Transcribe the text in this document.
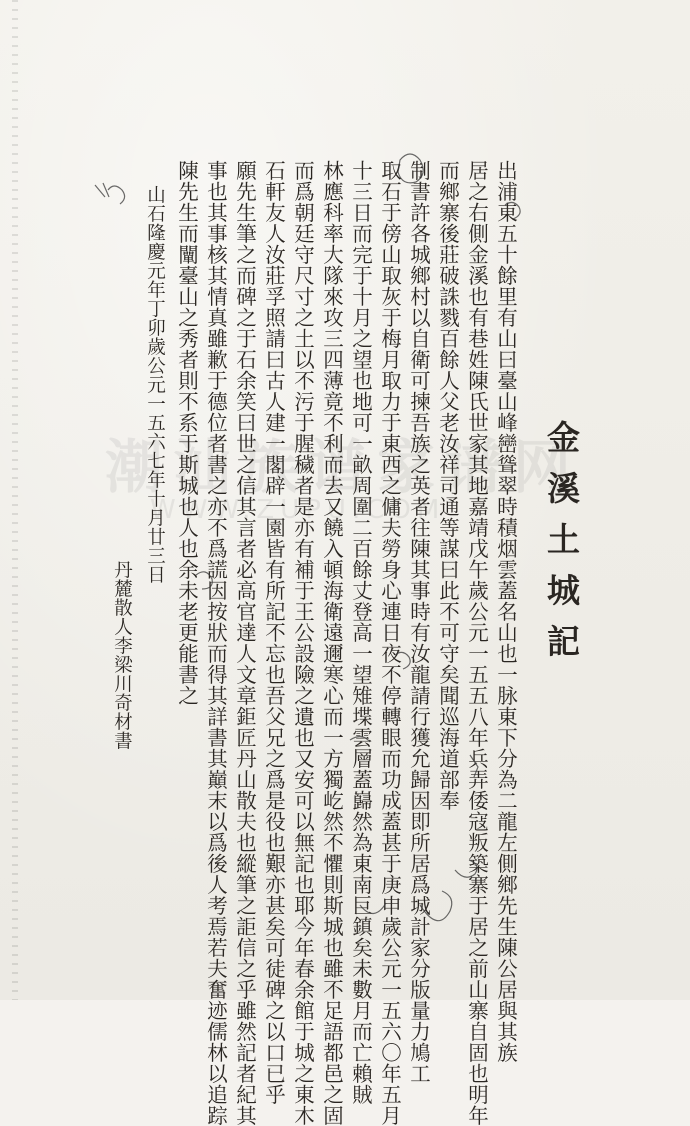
潮汕族谱家谱网
WWW.ZUPU.COM	金溪土城記
出浦東五十餘里有山曰臺山峰巒聳翠時積烟雲蓋名山也一脉東下分為二龍左側鄉先生陳公居與其族
居之右側金溪也有巷姓陳氏世家其地嘉靖戊午歲公元一五五八年兵弄倭寇叛築寨于居之前山寨自固也明年
而鄉寨後莊破誅戮百餘人父老汝祥司通等謀曰此不可守矣聞巡海道部奉
制書許各城鄉村以自衛可揀吾族之英者往陳其事時有汝龍請行獲允歸因即所居爲城計家分版量力鳩工
取石于傍山取灰于梅月取力于東西之傭夫勞身心連日夜不停轉眼而功成蓋甚于庚申歲公元一五六〇年五月
十三日而完于十月之望也地可一畝周圍二百餘丈登高一望雉堞雲層蓋巋然為東南巨鎮矣未數月而亡賴賊
林應科率大隊來攻三四薄竟不利而去又饒入頓海衛遠邇寒心而一方獨屹然不懼則斯城也雖不足語都邑之固
而爲朝廷守尺寸之土以不污于腥穢者是亦有補于王公設險之遺也又安可以無記也耶今年春余館于城之東木
石軒友人汝莊孚照請曰古人建一閣辟一園皆有所記不忘也吾父兄之爲是役也艱亦甚矣可徒碑之以口已乎
願先生筆之而碑之于石余笑曰世之信其言者必高官達人文章鉅匠丹山散夫也縱筆之詎信之乎雖然記者紀其
事也其事核其情真雖歉于德位者書之亦不爲謊因按狀而得其詳書其巔末以爲後人考焉若夫奮迹儒林以追踪
陳先生而闡臺山之秀者則不系于斯城也人也余未老更能書之
山石隆慶元年丁卯歲公元一五六七年十月廿三日
丹麓散人李梁川奇材書
